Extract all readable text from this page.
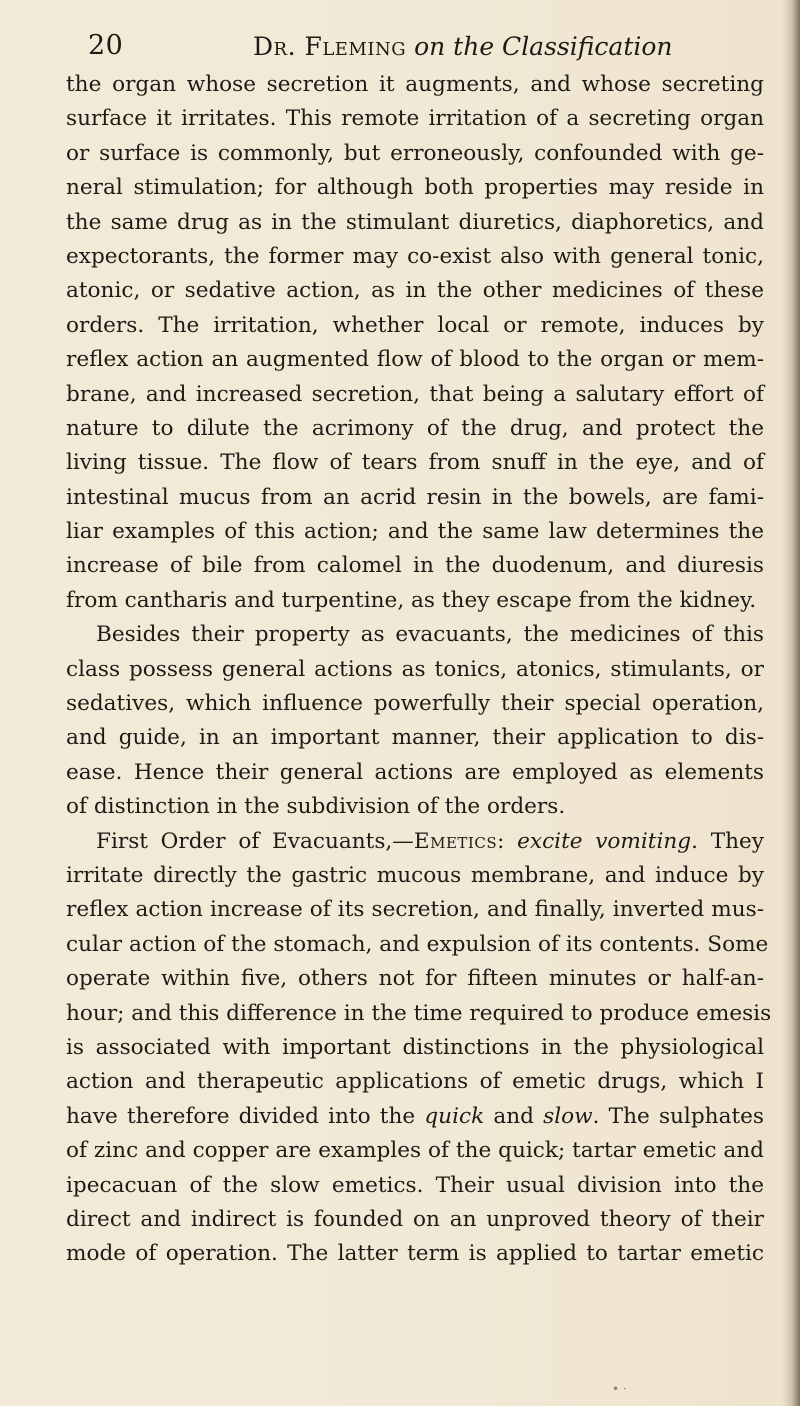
20	Dr. Fleming on the Classification
the organ whose secretion it augments, and whose secreting
surface it irritates. This remote irritation of a secreting organ
or surface is commonly, but erroneously, confounded with ge-
neral stimulation; for although both properties may reside in
the same drug as in the stimulant diuretics, diaphoretics, and
expectorants, the former may co-exist also with general tonic,
atonic, or sedative action, as in the other medicines of these
orders. The irritation, whether local or remote, induces by
reflex action an augmented flow of blood to the organ or mem-
brane, and increased secretion, that being a salutary effort of
nature to dilute the acrimony of the drug, and protect the
living tissue. The flow of tears from snuff in the eye, and of
intestinal mucus from an acrid resin in the bowels, are fami-
liar examples of this action; and the same law determines the
increase of bile from calomel in the duodenum, and diuresis
from cantharis and turpentine, as they escape from the kidney.
Besides their property as evacuants, the medicines of this
class possess general actions as tonics, atonics, stimulants, or
sedatives, which influence powerfully their special operation,
and guide, in an important manner, their application to dis-
ease. Hence their general actions are employed as elements
of distinction in the subdivision of the orders.
First Order of Evacuants,—Emetics: excite vomiting. They
irritate directly the gastric mucous membrane, and induce by
reflex action increase of its secretion, and finally, inverted mus-
cular action of the stomach, and expulsion of its contents. Some
operate within five, others not for fifteen minutes or half-an-
hour; and this difference in the time required to produce emesis
is associated with important distinctions in the physiological
action and therapeutic applications of emetic drugs, which I
have therefore divided into the quick and slow. The sulphates
of zinc and copper are examples of the quick; tartar emetic and
ipecacuan of the slow emetics. Their usual division into the
direct and indirect is founded on an unproved theory of their
mode of operation. The latter term is applied to tartar emetic
• ·
